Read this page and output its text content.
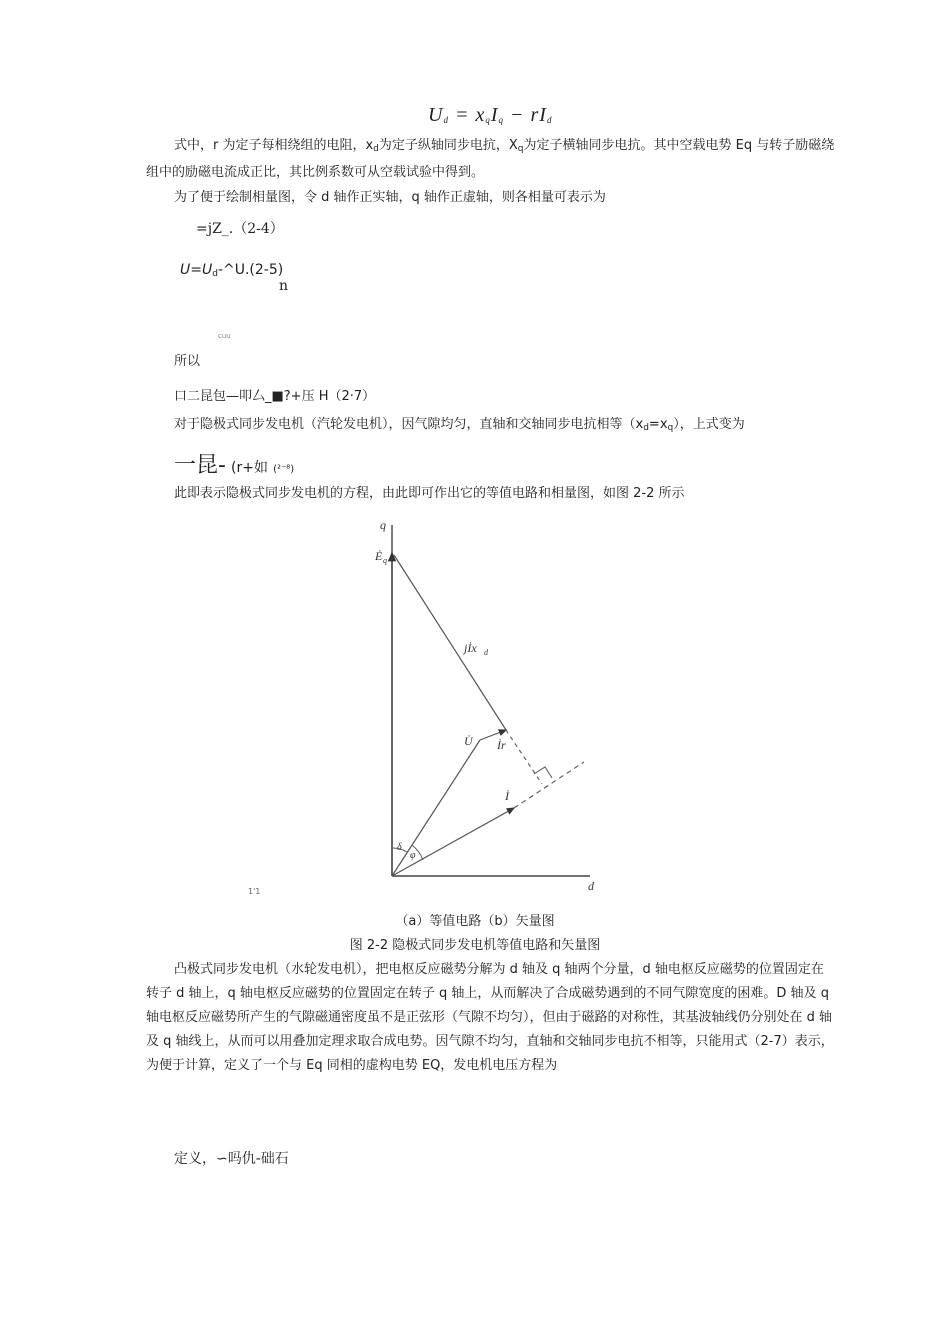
$U_d = x_qI_q - rI_d$
式中，r 为定子每相绕组的电阻，$x_d$为定子纵轴同步电抗，$X_q$为定子横轴同步电抗。其中空载电势 Eq 与转子励磁绕组中的励磁电流成正比，其比例系数可从空载试验中得到。
为了便于绘制相量图，令 d 轴作正实轴，q 轴作正虚轴，则各相量可表示为
=jZ_.（2-4）
$U=U_d-\^{}U.(2-5)$
n
cuu
所以
口二昆包—叩厶_■?+压 H（2·7）
对于隐极式同步发电机（汽轮发电机），因气隙均匀，直轴和交轴同步电抗相等$(x_d=x_q)$，上式变为
一昆- (r+如 (²⁻⁸)
此即表示隐极式同步发电机的方程，由此即可作出它的等值电路和相量图，如图 2-2 所示
q
d
Ė q
jİx d
U̇ İr
İ
δ
φ
1'1
（a）等值电路（b）矢量图
图 2-2 隐极式同步发电机等值电路和矢量图
凸极式同步发电机（水轮发电机），把电枢反应磁势分解为 d 轴及 q 轴两个分量，d 轴电枢反应磁势的位置固定在转子 d 轴上，q 轴电枢反应磁势的位置固定在转子 q 轴上，从而解决了合成磁势遇到的不同气隙宽度的困难。D 轴及 q 轴电枢反应磁势所产生的气隙磁通密度虽不是正弦形（气隙不均匀），但由于磁路的对称性，其基波轴线仍分别处在 d 轴及 q 轴线上，从而可以用叠加定理求取合成电势。因气隙不均匀，直轴和交轴同步电抗不相等，只能用式（2-7）表示，为便于计算，定义了一个与 Eq 同相的虚构电势 EQ，发电机电压方程为
定义，∽吗仇-础石
